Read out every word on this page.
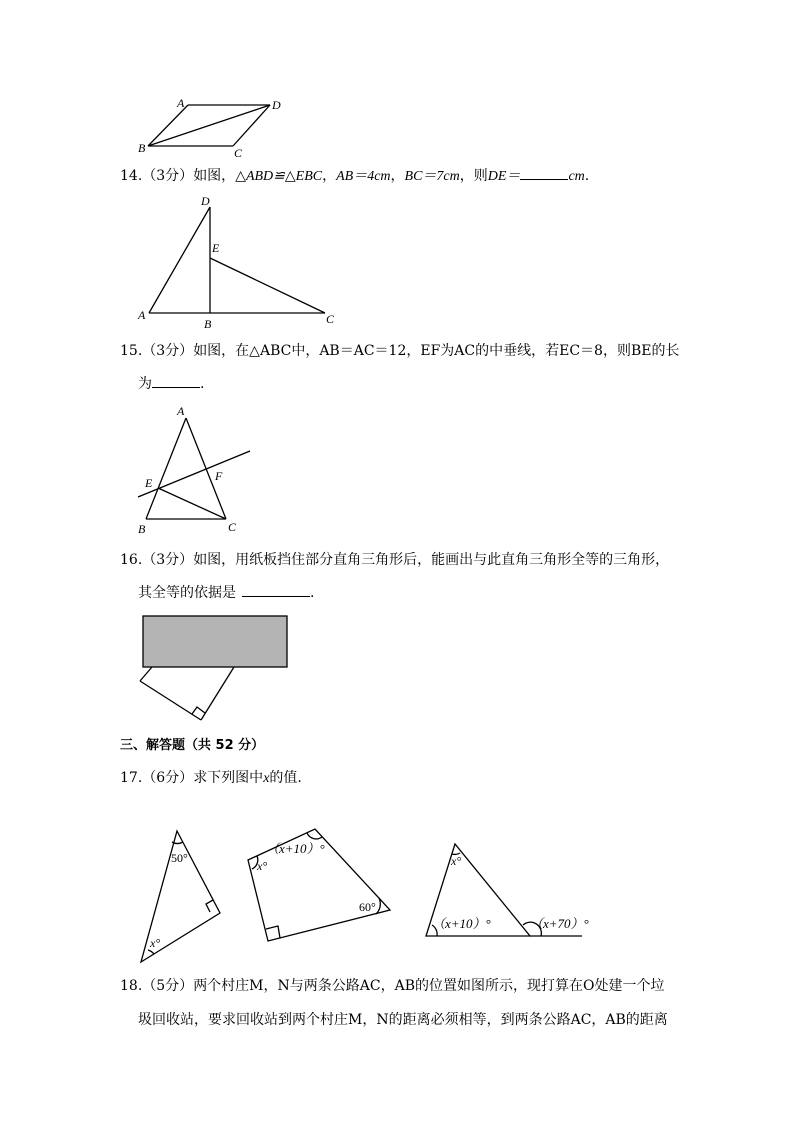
A	D
B	C
14.（3分）如图，△ABD≌△EBC，AB＝4cm，BC＝7cm，则DE＝	cm.
D
E
A
B	C
15.（3分）如图，在△ABC中，AB＝AC＝12，EF为AC的中垂线，若EC＝8，则BE的长
为	.
A
E	F
B	C
16.（3分）如图，用纸板挡住部分直角三角形后，能画出与此直角三角形全等的三角形，
其全等的依据是	.
三、解答题（共 52 分）
17.（6分）求下列图中x的值.
50°
x°
（x+10）°
x°
60°
x°
（x+10）°	（x+70）°
18.（5分）两个村庄M，N与两条公路AC，AB的位置如图所示，现打算在O处建一个垃
圾回收站，要求回收站到两个村庄M，N的距离必须相等，到两条公路AC，AB的距离
